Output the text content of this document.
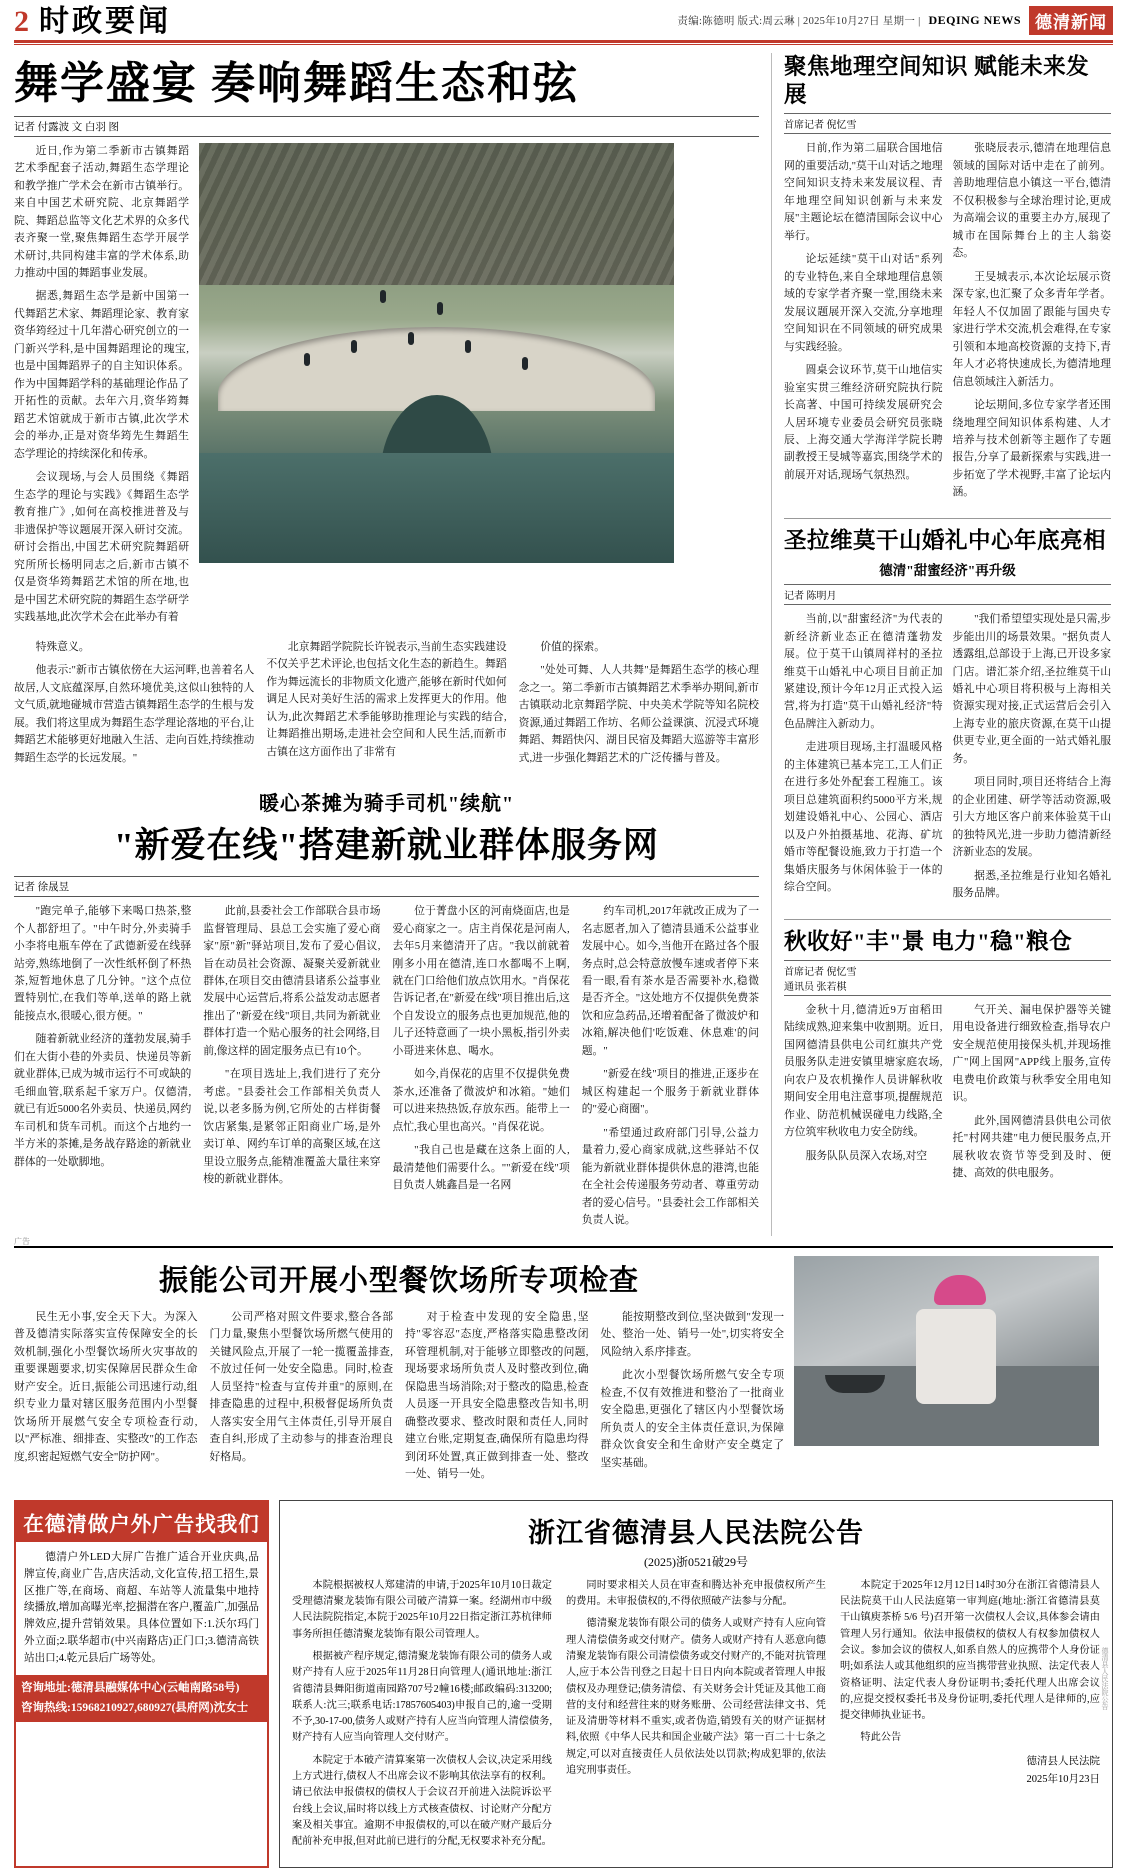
2 时政要闻	责编:陈德明 版式:周云琳 | 2025年10月27日 星期一 | DEQING NEWS 德清新闻
舞学盛宴 奏响舞蹈生态和弦
记者 付露波 文 白羽 图

近日,作为第二季新市古镇舞蹈艺术季配套子活动,舞蹈生态学理论和教学推广学术会在新市古镇举行。来自中国艺术研究院、北京舞蹈学院、舞蹈总监等文化艺术界的众多代表齐聚一堂,聚焦舞蹈生态学开展学术研讨,共同构建丰富的学术体系,助力推动中国的舞蹈事业发展。

据悉,舞蹈生态学是新中国第一代舞蹈艺术家、舞蹈理论家、教育家资华筠经过十几年潜心研究创立的一门新兴学科,是中国舞蹈理论的瑰宝,也是中国舞蹈界子的自主知识体系。作为中国舞蹈学科的基础理论作品了开拓性的贡献。去年六月,资华筠舞蹈艺术馆就成于新市古镇,此次学术会的举办,正是对资华筠先生舞蹈生态学理论的持续深化和传承。

会议现场,与会人员围绕《舞蹈生态学的理论与实践》《舞蹈生态学教育推广》,如何在高校推进普及与非遗保护等议题展开深入研讨交流。研讨会指出,中国艺术研究院舞蹈研究所所长杨明同志之后,新市古镇不仅是资华筠舞蹈艺术馆的所在地,也是中国艺术研究院的舞蹈生态学研学实践基地,此次学术会在此举办有着

特殊意义。

他表示:"新市古镇依傍在大运河畔,也善着名人故居,人文底蕴深厚,自然环境优美,这似山独特的人文气质,就地碰城市营造古镇舞蹈生态学的生根与发展。我们将这里成为舞蹈生态学理论落地的平台,让舞蹈艺术能够更好地融入生活、走向百姓,持续推动舞蹈生态学的长远发展。"

北京舞蹈学院院长许锐表示,当前生态实践建设不仅关乎艺术评论,也包括文化生态的新趋生。舞蹈作为舞远流长的非物质文化遗产,能够在新时代如何调足人民对美好生活的需求上发挥更大的作用。他认为,此次舞蹈艺术季能够助推理论与实践的结合,让舞蹈推出期场,走进社会空间和人民生活,而新市古镇在这方面作出了非常有

价值的探索。

"处处可舞、人人共舞"是舞蹈生态学的核心理念之一。第二季新市古镇舞蹈艺术季举办期间,新市古镇联动北京舞蹈学院、中央美术学院等知名院校资源,通过舞蹈工作坊、名师公益课演、沉浸式环境舞蹈、舞蹈快闪、湖目民宿及舞蹈大巡游等丰富形式,进一步强化舞蹈艺术的广泛传播与普及。

暖心茶摊为骑手司机"续航"
"新爱在线"搭建新就业群体服务网
记者 徐晟昱

"跑完单子,能够下来喝口热茶,整个人都舒坦了。"中午时分,外卖骑手小李将电瓶车停在了武德新爱在线驿站旁,熟练地倒了一次性纸杯倒了杯热茶,短暂地休息了几分钟。"这个点位置特别忙,在我们等单,送单的路上就能接点水,很暖心,很方便。"

随着新就业经济的蓬勃发展,骑手们在大街小巷的外卖员、快递员等新就业群体,已成为城市运行不可或缺的毛细血管,联系起千家万户。仅德清,就已有近5000名外卖员、快递员,网约车司机和货车司机。而这个占地约一半方米的茶摊,是务战存路途的新就业群体的一处歇脚地。

此前,县委社会工作部联合县市场监督管理局、县总工会实施了爱心商家"原"新"驿站项目,发布了爱心倡议,旨在动员社会资源、凝聚关爱新就业群体,在项目交由德清县诸系公益事业发展中心运营后,将系公益发动志愿者推出了"新爱在线"项目,共同为新就业群体打造一个贴心服务的社会网络,目前,像这样的固定服务点已有10个。

"在项目选址上,我们进行了充分考虑。"县委社会工作部相关负责人说,以老多肠为例,它所处的古样街餐饮店紧集,是紧邻正阳商业广场,是外卖订单、网约车订单的高聚区域,在这里设立服务点,能精准覆盖大量往来穿梭的新就业群体。

位于菁盘小区的河南烧面店,也是爱心商家之一。店主肖保花是河南人,去年5月来德清开了店。"我以前就着刚多小用在德清,连口水都喝不上啊,就在门口给他们放点饮用水。"肖保花告诉记者,在"新爱在线"项目推出后,这个自发设立的服务点也更加规范,他的儿子还特意画了一块小黑板,指引外卖小哥进来休息、喝水。

如今,肖保花的店里不仅提供免费茶水,还准备了微波炉和冰箱。"她们可以进来热热饭,存放东西。能带上一点忙,我心里也高兴。"肖保花说。

"我自己也是藏在这条上面的人,最清楚他们需要什么。""新爱在线"项目负责人姚鑫昌是一名网

约车司机,2017年就改正成为了一名志愿者,加入了德清县通禾公益事业发展中心。如今,当他开在路过各个服务点时,总会特意放慢车速或者停下来看一眼,看有茶水是否需要补水,稳微是否齐全。"这处地方不仅提供免费茶饮和应急药品,还增着配备了微波炉和冰箱,解决他们'吃饭难、休息难'的问题。"

"新爱在线"项目的推进,正逐步在城区构建起一个服务于新就业群体的"爱心商圈"。

"希望通过政府部门引导,公益力量着力,爱心商家成就,这些驿站不仅能为新就业群体提供休息的港湾,也能在全社会传递服务劳动者、尊重劳动者的爱心信号。"县委社会工作部相关负责人说。

聚焦地理空间知识 赋能未来发展
首席记者 倪忆雪

日前,作为第二届联合国地信网的重要活动,"莫干山对话之地理空间知识支持未来发展议程、青年地理空间知识创新与未来发展"主题论坛在德清国际会议中心举行。

论坛延续"莫干山对话"系列的专业特色,来自全球地理信息领域的专家学者齐聚一堂,围绕未来发展议题展开深入交流,分享地理空间知识在不同领域的研究成果与实践经验。

圆桌会议环节,莫干山地信实验室实贯三维经济研究院执行院长高著、中国可持续发展研究会人居环境专业委员会研究员张晓辰、上海交通大学海洋学院长聘副教授王旻城等嘉宾,围绕学术的前展开对话,现场气氛热烈。

张晓辰表示,德清在地理信息领域的国际对话中走在了前列。善助地理信息小镇这一平台,德清不仅积极参与全球治理讨论,更成为高端会议的重要主办方,展现了城市在国际舞台上的主人翁姿态。

王旻城表示,本次论坛展示资深专家,也汇聚了众多青年学者。年轻人不仅加固了跟能与国央专家进行学术交流,机会难得,在专家引领和本地高校资源的支持下,青年人才必将快速成长,为德清地理信息领域注入新活力。

论坛期间,多位专家学者还围绕地理空间知识体系构建、人才培养与技术创新等主题作了专题报告,分享了最新探索与实践,进一步拓宽了学术视野,丰富了论坛内涵。

圣拉维莫干山婚礼中心年底亮相
德清"甜蜜经济"再升级
记者 陈明月

当前,以"甜蜜经济"为代表的新经济新业态正在德清蓬勃发展。位于莫干山镇周祥村的圣拉维莫干山婚礼中心项目目前正加紧建设,预计今年12月正式投入运营,将为打造"莫干山婚礼经济"特色品牌注入新动力。

走进项目现场,主打温暖风格的主体建筑已基本完工,工人们正在进行多处外配套工程施工。该项目总建筑面积约5000平方米,规划建设婚礼中心、公园心、酒店以及户外拍摄基地、花海、矿坑婚市等配餐设施,致力于打造一个集婚庆服务与休闲体验于一体的综合空间。

"我们希望望实现处是只需,步步能出川的场景效果。"据负责人透露组,总部设于上海,已开设多家门店。谱汇茶介绍,圣拉维莫干山婚礼中心项目将积极与上海相关资源实现对接,正式运营后会引入上海专业的旅庆资源,在莫干山提供更专业,更全面的一站式婚礼服务。

项目同时,项目还将结合上海的企业团建、研学等活动资源,吸引大方地区客户前来体验莫干山的独特风光,进一步助力德清新经济新业态的发展。

据悉,圣拉维是行业知名婚礼服务品牌。

秋收好"丰"景 电力"稳"粮仓
首席记者 倪忆雪
通讯员 张若棋

金秋十月,德清近9万亩稻田陆续成熟,迎来集中收割期。近日,国网德清县供电公司红旗共产党员服务队走进安镇里塘家庭农场,向农户及农机操作人员讲解秋收期间安全用电注意事项,提醒规范作业、防范机械误碰电力线路,全方位筑牢秋收电力安全防线。

服务队队员深入农场,对空

气开关、漏电保护器等关键用电设备进行细致检查,指导农户安全规范使用接保头机,并现场推广"网上国网"APP线上服务,宣传电费电价政策与秋季安全用电知识。

此外,国网德清县供电公司依托"村网共建"电力便民服务点,开展秋收农资节等受到及时、便捷、高效的供电服务。

广告
振能公司开展小型餐饮场所专项检查

民生无小事,安全天下大。为深入普及德清实际落实宣传保障安全的长效机制,强化小型餐饮场所火灾事故的重要课题要求,切实保障居民群众生命财产安全。近日,振能公司迅速行动,组织专业力量对辖区服务范围内小型餐饮场所开展燃气安全专项检查行动,以"严标准、细排查、实整改"的工作态度,织密起短燃气安全"防护网"。

公司严格对照文件要求,整合各部门力量,聚焦小型餐饮场所燃气使用的关键风险点,开展了一轮一揽覆盖排查,不放过任何一处安全隐患。同时,检查人员坚持"检查与宣传并重"的原则,在排查隐患的过程中,积极督促场所负责人落实安全用气主体责任,引导开展自查自纠,形成了主动参与的排查治理良好格局。

对于检查中发现的安全隐患,坚持"零容忍"态度,严格落实隐患整改闭环管理机制,对于能够立即整改的问题,现场要求场所负责人及时整改到位,确保隐患当场消除;对于整改的隐患,检查人员逐一开具安全隐患整改告知书,明确整改要求、整改时限和责任人,同时建立台账,定期复查,确保所有隐患均得到闭环处置,真正做到排查一处、整改一处、销号一处。

能按期整改到位,坚决做到"发现一处、整治一处、销号一处",切实将安全风险纳入系序排查。

此次小型餐饮场所燃气安全专项检查,不仅有效推进和整治了一批商业安全隐患,更强化了辖区内小型餐饮场所负责人的安全主体责任意识,为保障群众饮食安全和生命财产安全奠定了坚实基础。

在德清做户外广告找我们

德清户外LED大屏广告推广适合开业庆典,品牌宣传,商业广告,店庆活动,文化宣传,招工招生,景区推广等,在商场、商超、车站等人流量集中地持续播放,增加高曝光率,挖掘潜在客户,覆盖广,加强品牌效应,提升营销效果。具体位置如下:1.沃尔玛门外立面;2.联华超市(中兴南路店)正门口;3.德清高铁站出口;4.乾元县后广场等处。

咨询地址:德清县融媒体中心(云岫南路58号)
咨询热线:15968210927,680927(县府网)沈女士
浙江省德清县人民法院公告
(2025)浙0521破29号

本院根据被权人郑建清的申请,于2025年10月10日裁定受理德清聚龙装饰有限公司破产清算一案。经湖州市中级人民法院院指定,本院于2025年10月22日指定浙江苏杭律师事务所担任德清聚龙装饰有限公司管理人。

根据被产程序规定,德清聚龙装饰有限公司的债务人或财产持有人应于2025年11月28日向管理人(通讯地址:浙江省德清县舞阳街道南园路707号2幢16楼;邮政编码:313200;联系人:沈三;联系电话:17857605403)申报自己的,逾一受期不予,30-17-00,债务人或财产持有人应当向管理人清偿债务,财产持有人应当向管理人交付财产。

本院定于本破产清算案第一次债权人会议,决定采用线上方式进行,债权人不出席会议不影响其依法享有的权利。请已依法申报债权的债权人于会议召开前进入法院诉讼平台线上会议,届时将以线上方式核查债权、讨论财产分配方案及相关事宜。逾期不申报债权的,可以在破产财产最后分配前补充申报,但对此前已进行的分配,无权要求补充分配。

同时要求相关人员在审查和腾达补充申报债权所产生的费用。未审报债权的,不得依照破产法参与分配。

德清聚龙装饰有限公司的债务人或财产持有人应向管理人清偿债务或交付财产。债务人或财产持有人恶意向德清聚龙装饰有限公司清偿债务或交付财产的,不能对抗管理人,应于本公告刊登之日起十日日内向本院或者管理人申报债权及办理登记;债务清偿、有关财务会计凭证及其他工商营的支付和经营往来的财务账册、公司经营法律文书、凭证及清册等材料不重实,或者伪造,销毁有关的财产证据材料,依照《中华人民共和国企业破产法》第一百二十七条之规定,可以对直接责任人员依法处以罚款;构成犯罪的,依法追究刑事责任。

本院定于2025年12月12日14时30分在浙江省德清县人民法院莫干山人民法庭第一审判庭(地址:浙江省德清县莫干山镇庾茶桥 5/6 号)召开第一次债权人会议,具体参会请由管理人另行通知。依法申报债权的债权人有权参加债权人会议。参加会议的债权人,如系自然人的应携带个人身份证明;如系法人或其他组织的应当携带营业执照、法定代表人资格证明、法定代表人身份证明书;委托代理人出席会议的,应提交授权委托书及身份证明,委托代理人是律师的,应提交律师执业证书。

特此公告

德清县人民法院
2025年10月23日
德清县人民法院公告
